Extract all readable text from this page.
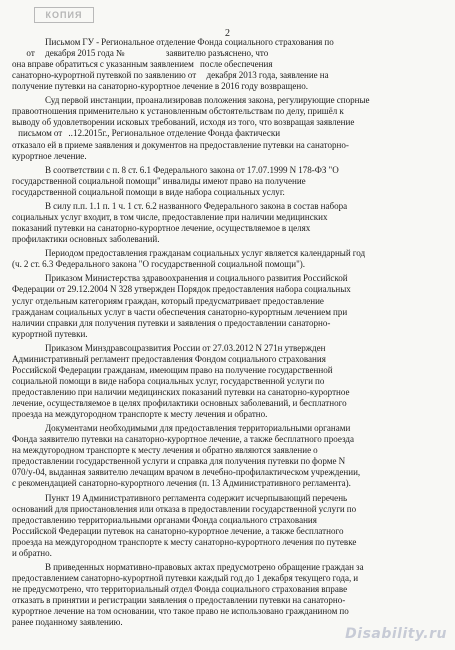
КОПИЯ
2
Письмом ГУ - Региональное отделение Фонда социального страхования по
от     декабря 2015 года №                    заявителю разъяснено, что
она вправе обратиться с указанным заявлением   после обеспечения
санаторно-курортной путевкой по заявлению от     декабря 2013 года, заявление на
получение путевки на санаторно-курортное лечение в 2016 году возвращено.
Суд первой инстанции, проанализировав положения закона, регулирующие спорные
правоотношения применительно к установленным обстоятельствам по делу, пришёл к
выводу об удовлетворении исковых требований, исходя из того, что возвращая заявление
письмом от   ..12.2015г., Региональное отделение Фонда фактически
отказало ей в приеме заявления и документов на предоставление путевки на санаторно-
курортное лечение.
В соответствии с п. 8 ст. 6.1 Федерального закона от 17.07.1999 N 178-ФЗ "О
государственной социальной помощи" инвалиды имеют право на получение
государственной социальной помощи в виде набора социальных услуг.
В силу п.п. 1.1 п. 1 ч. 1 ст. 6.2 названного Федерального закона в состав набора
социальных услуг входит, в том числе, предоставление при наличии медицинских
показаний путевки на санаторно-курортное лечение, осуществляемое в целях
профилактики основных заболеваний.
Периодом предоставления гражданам социальных услуг является календарный год
(ч. 2 ст. 6.3 Федерального закона "О государственной социальной помощи").
Приказом Министерства здравоохранения и социального развития Российской
Федерации от 29.12.2004 N 328 утвержден Порядок предоставления набора социальных
услуг отдельным категориям граждан, который предусматривает предоставление
гражданам социальных услуг в части обеспечения санаторно-курортным лечением при
наличии справки для получения путевки и заявления о предоставлении санаторно-
курортной путевки.
Приказом Минздравсоцразвития России от 27.03.2012 N 271н утвержден
Административный регламент предоставления Фондом социального страхования
Российской Федерации гражданам, имеющим право на получение государственной
социальной помощи в виде набора социальных услуг, государственной услуги по
предоставлению при наличии медицинских показаний путевки на санаторно-курортное
лечение, осуществляемое в целях профилактики основных заболеваний, и бесплатного
проезда на междугородном транспорте к месту лечения и обратно.
Документами необходимыми для предоставления территориальными органами
Фонда заявителю путевки на санаторно-курортное лечение, а также бесплатного проезда
на междугородном транспорте к месту лечения и обратно являются заявление о
предоставлении государственной услуги и справка для получения путевки по форме N
070/у-04, выданная заявителю лечащим врачом в лечебно-профилактическом учреждении,
с рекомендацией санаторно-курортного лечения (п. 13 Административного регламента).
Пункт 19 Административного регламента содержит исчерпывающий перечень
оснований для приостановления или отказа в предоставлении государственной услуги по
предоставлению территориальными органами Фонда социального страхования
Российской Федерации путевок на санаторно-курортное лечение, а также бесплатного
проезда на междугородном транспорте к месту санаторно-курортного лечения по путевке
и обратно.
В приведенных нормативно-правовых актах предусмотрено обращение граждан за
предоставлением санаторно-курортной путевки каждый год до 1 декабря текущего года, и
не предусмотрено, что территориальный отдел Фонда социального страхования вправе
отказать в принятии и регистрации заявления о предоставлении путевки на санаторно-
курортное лечение на том основании, что такое право не использовано гражданином по
ранее поданному заявлению.
Disability.ru
